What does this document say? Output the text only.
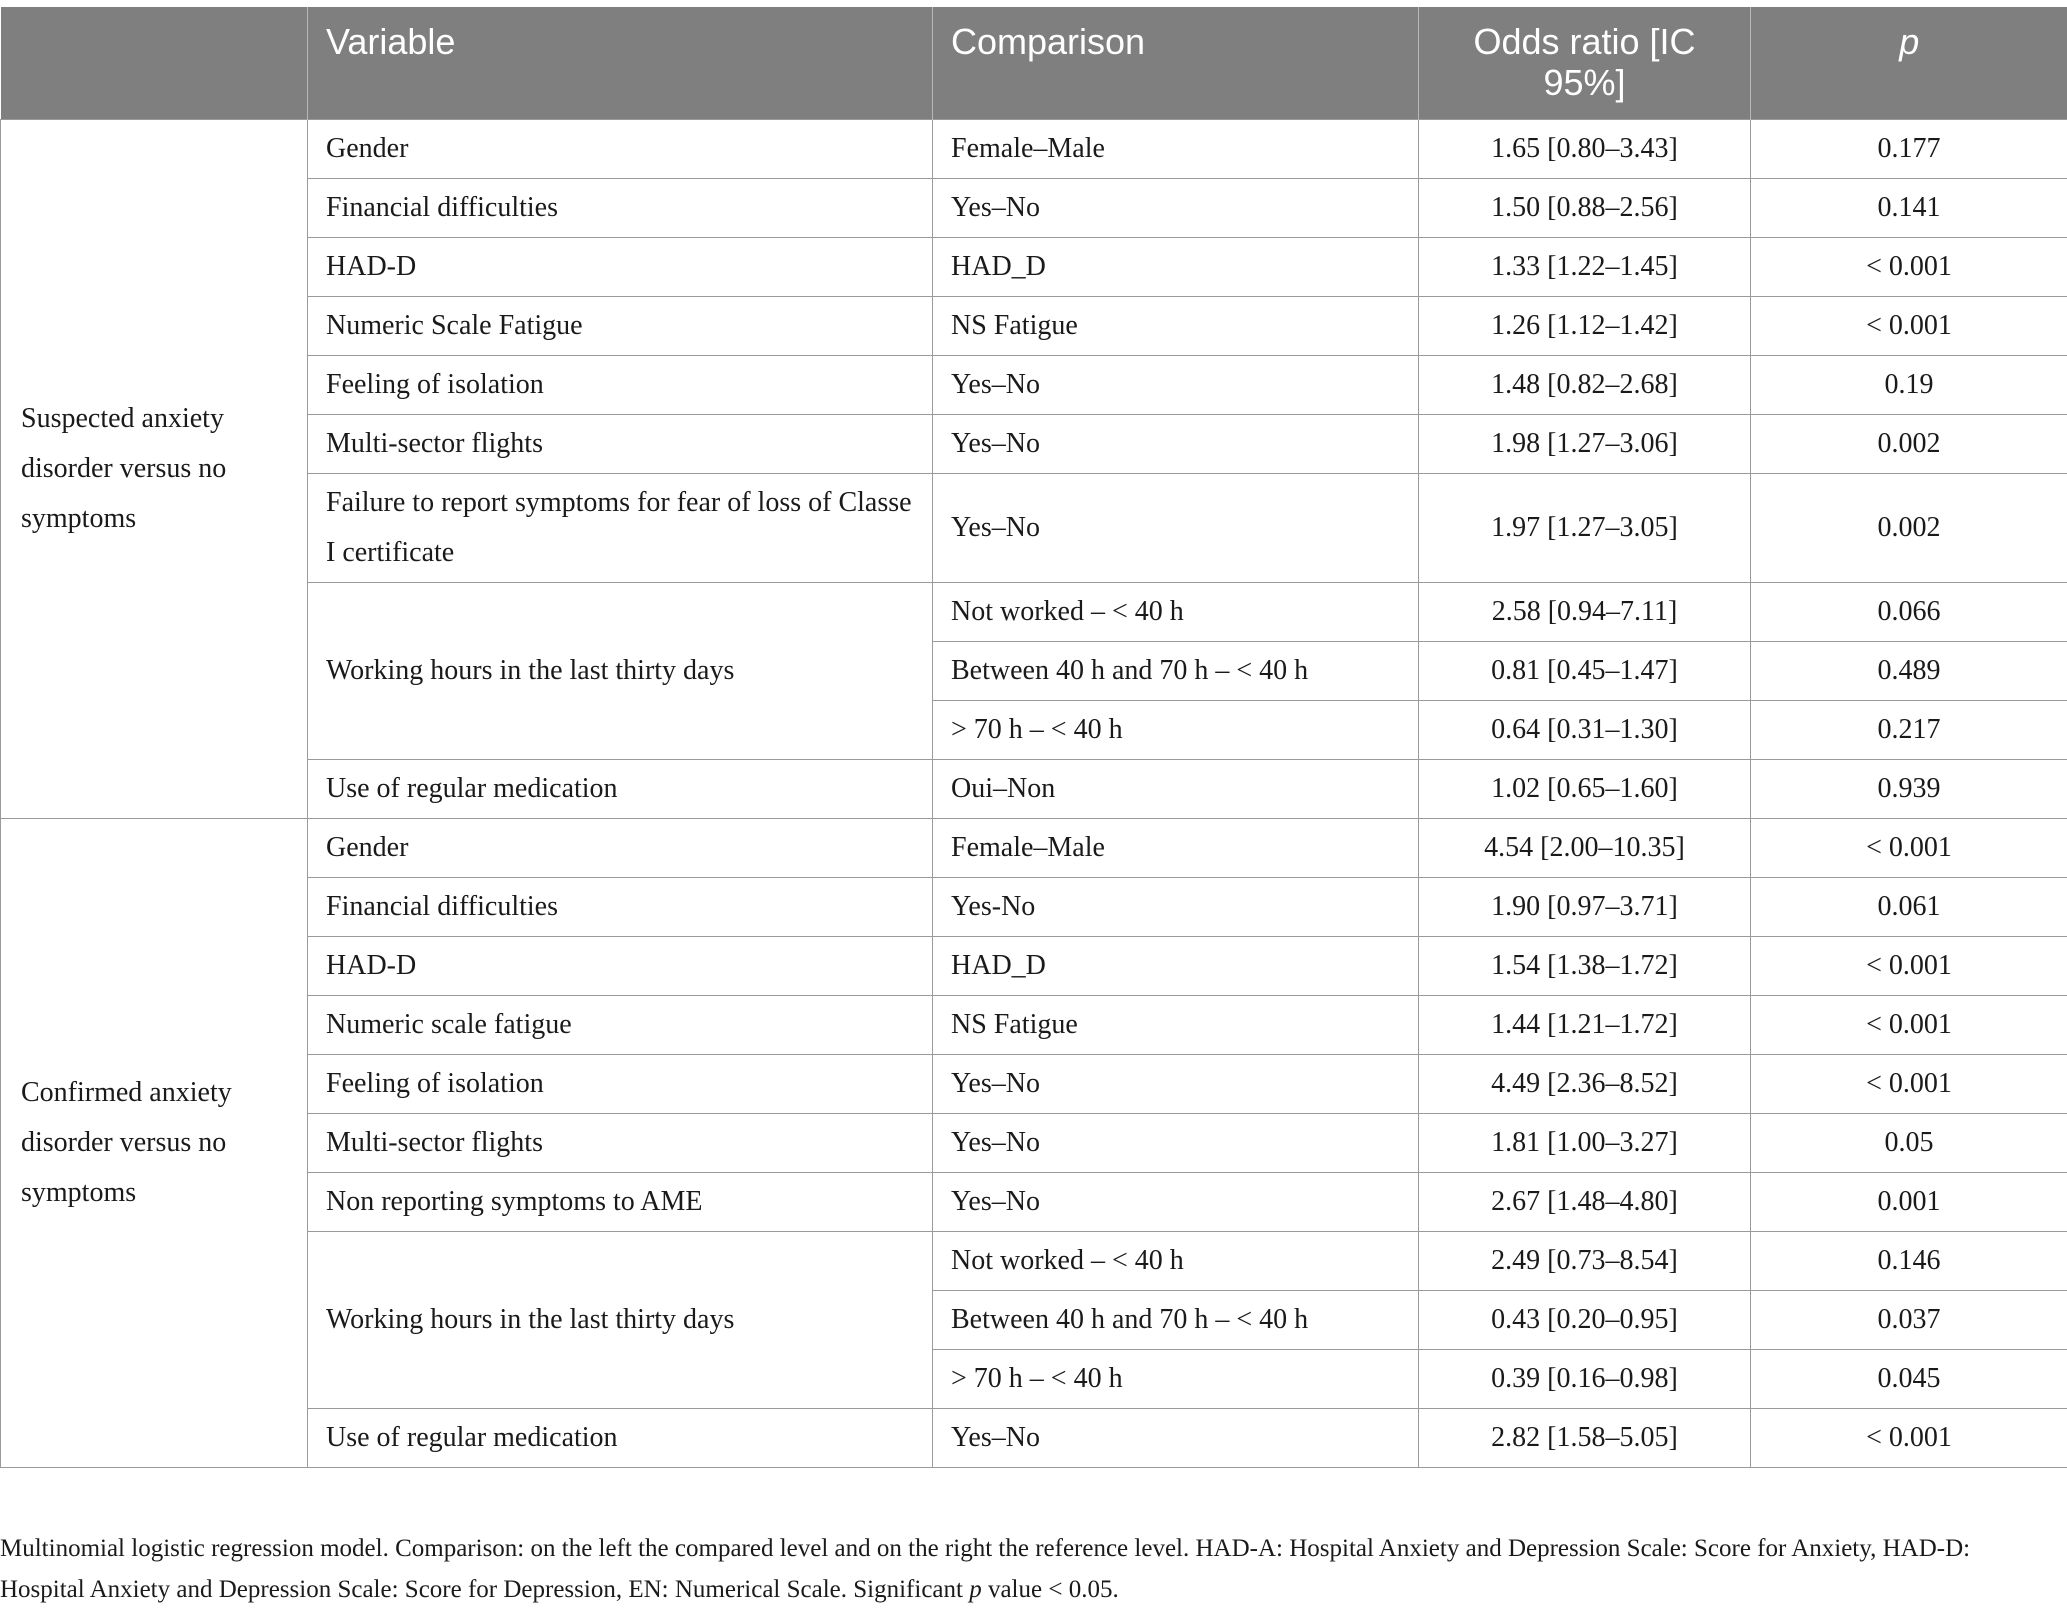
	Variable	Comparison	Odds ratio [IC 95%]	p
Suspected anxiety disorder versus no symptoms	Gender	Female–Male	1.65 [0.80–3.43]	0.177
	Financial difficulties	Yes–No	1.50 [0.88–2.56]	0.141
	HAD-D	HAD_D	1.33 [1.22–1.45]	< 0.001
	Numeric Scale Fatigue	NS Fatigue	1.26 [1.12–1.42]	< 0.001
	Feeling of isolation	Yes–No	1.48 [0.82–2.68]	0.19
	Multi-sector flights	Yes–No	1.98 [1.27–3.06]	0.002
	Failure to report symptoms for fear of loss of Classe I certificate	Yes–No	1.97 [1.27–3.05]	0.002
	Working hours in the last thirty days	Not worked – < 40 h	2.58 [0.94–7.11]	0.066
		Between 40 h and 70 h – < 40 h	0.81 [0.45–1.47]	0.489
		> 70 h – < 40 h	0.64 [0.31–1.30]	0.217
	Use of regular medication	Oui–Non	1.02 [0.65–1.60]	0.939
Confirmed anxiety disorder versus no symptoms	Gender	Female–Male	4.54 [2.00–10.35]	< 0.001
	Financial difficulties	Yes-No	1.90 [0.97–3.71]	0.061
	HAD-D	HAD_D	1.54 [1.38–1.72]	< 0.001
	Numeric scale fatigue	NS Fatigue	1.44 [1.21–1.72]	< 0.001
	Feeling of isolation	Yes–No	4.49 [2.36–8.52]	< 0.001
	Multi-sector flights	Yes–No	1.81 [1.00–3.27]	0.05
	Non reporting symptoms to AME	Yes–No	2.67 [1.48–4.80]	0.001
	Working hours in the last thirty days	Not worked – < 40 h	2.49 [0.73–8.54]	0.146
		Between 40 h and 70 h – < 40 h	0.43 [0.20–0.95]	0.037
		> 70 h – < 40 h	0.39 [0.16–0.98]	0.045
	Use of regular medication	Yes–No	2.82 [1.58–5.05]	< 0.001
Multinomial logistic regression model. Comparison: on the left the compared level and on the right the reference level. HAD-A: Hospital Anxiety and Depression Scale: Score for Anxiety, HAD-D: Hospital Anxiety and Depression Scale: Score for Depression, EN: Numerical Scale. Significant p value < 0.05.
